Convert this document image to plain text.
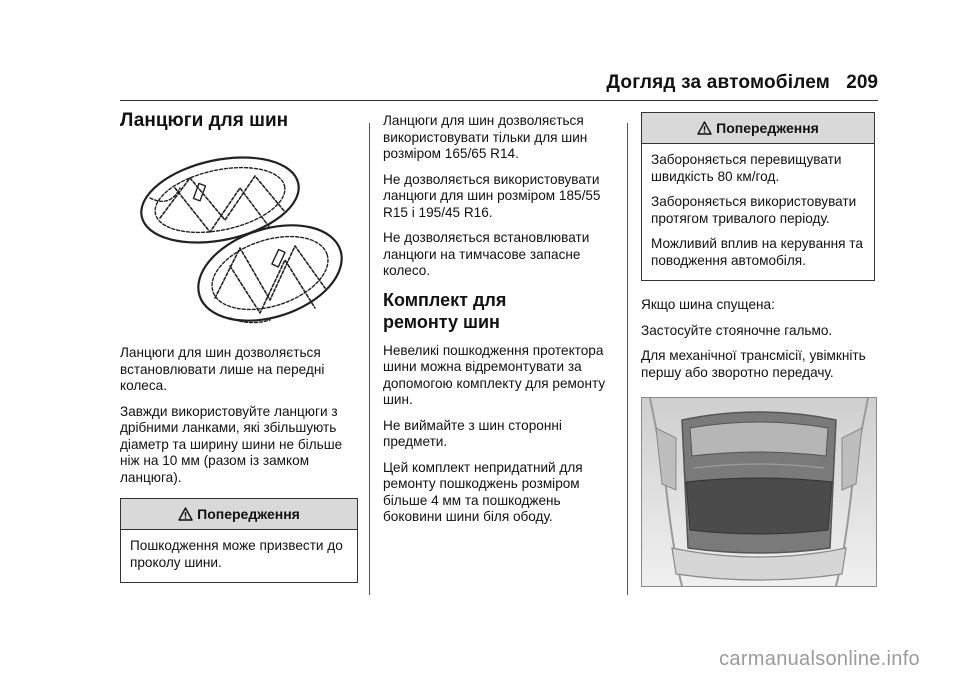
Догляд за автомобілем 209
Ланцюги для шин

Ланцюги для шин дозволяється встановлювати лише на передні колеса.

Завжди використовуйте ланцюги з дрібними ланками, які збільшують діаметр та ширину шини не більше ніж на 10 мм (разом із замком ланцюга).

Попередження

Пошкодження може призвести до проколу шини.

Ланцюги для шин дозволяється використовувати тільки для шин розміром 165/65 R14.

Не дозволяється використовувати ланцюги для шин розміром 185/55 R15 і 195/45 R16.

Не дозволяється встановлювати ланцюги на тимчасове запасне колесо.

Комплект для ремонту шин

Невеликі пошкодження протектора шини можна відремонтувати за допомогою комплекту для ремонту шин.

Не виймайте з шин сторонні предмети.

Цей комплект непридатний для ремонту пошкоджень розміром більше 4 мм та пошкоджень боковини шини біля ободу.

Попередження

Забороняється перевищувати швидкість 80 км/год.

Забороняється використовувати протягом тривалого періоду.

Можливий вплив на керування та поводження автомобіля.

Якщо шина спущена:

Застосуйте стояночне гальмо.

Для механічної трансмісії, увімкніть першу або зворотно передачу.

carmanualsonline.info
